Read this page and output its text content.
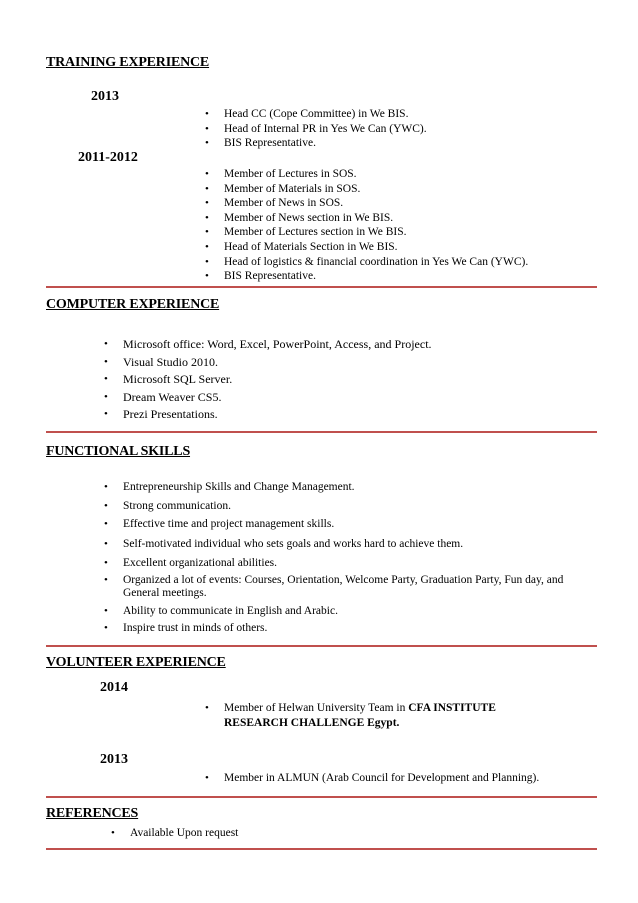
TRAINING EXPERIENCE
2013
• Head CC (Cope Committee) in We BIS.
• Head of Internal PR in Yes We Can (YWC).
• BIS Representative.
2011-2012
• Member of Lectures in SOS.
• Member of Materials in SOS.
• Member of News in SOS.
• Member of News section in We BIS.
• Member of Lectures section in We BIS.
• Head of Materials Section in We BIS.
• Head of logistics & financial coordination in Yes We Can (YWC).
• BIS Representative.
COMPUTER EXPERIENCE
• Microsoft office: Word, Excel, PowerPoint, Access, and Project.
• Visual Studio 2010.
• Microsoft SQL Server.
• Dream Weaver CS5.
• Prezi Presentations.
FUNCTIONAL SKILLS
• Entrepreneurship Skills and Change Management.
• Strong communication.
• Effective time and project management skills.
• Self-motivated individual who sets goals and works hard to achieve them.
• Excellent organizational abilities.
• Organized a lot of events: Courses, Orientation, Welcome Party, Graduation Party, Fun day, and General meetings.
• Ability to communicate in English and Arabic.
• Inspire trust in minds of others.
VOLUNTEER EXPERIENCE
2014
• Member of Helwan University Team in CFA INSTITUTE RESEARCH CHALLENGE Egypt.
2013
• Member in ALMUN (Arab Council for Development and Planning).
REFERENCES
• Available Upon request
